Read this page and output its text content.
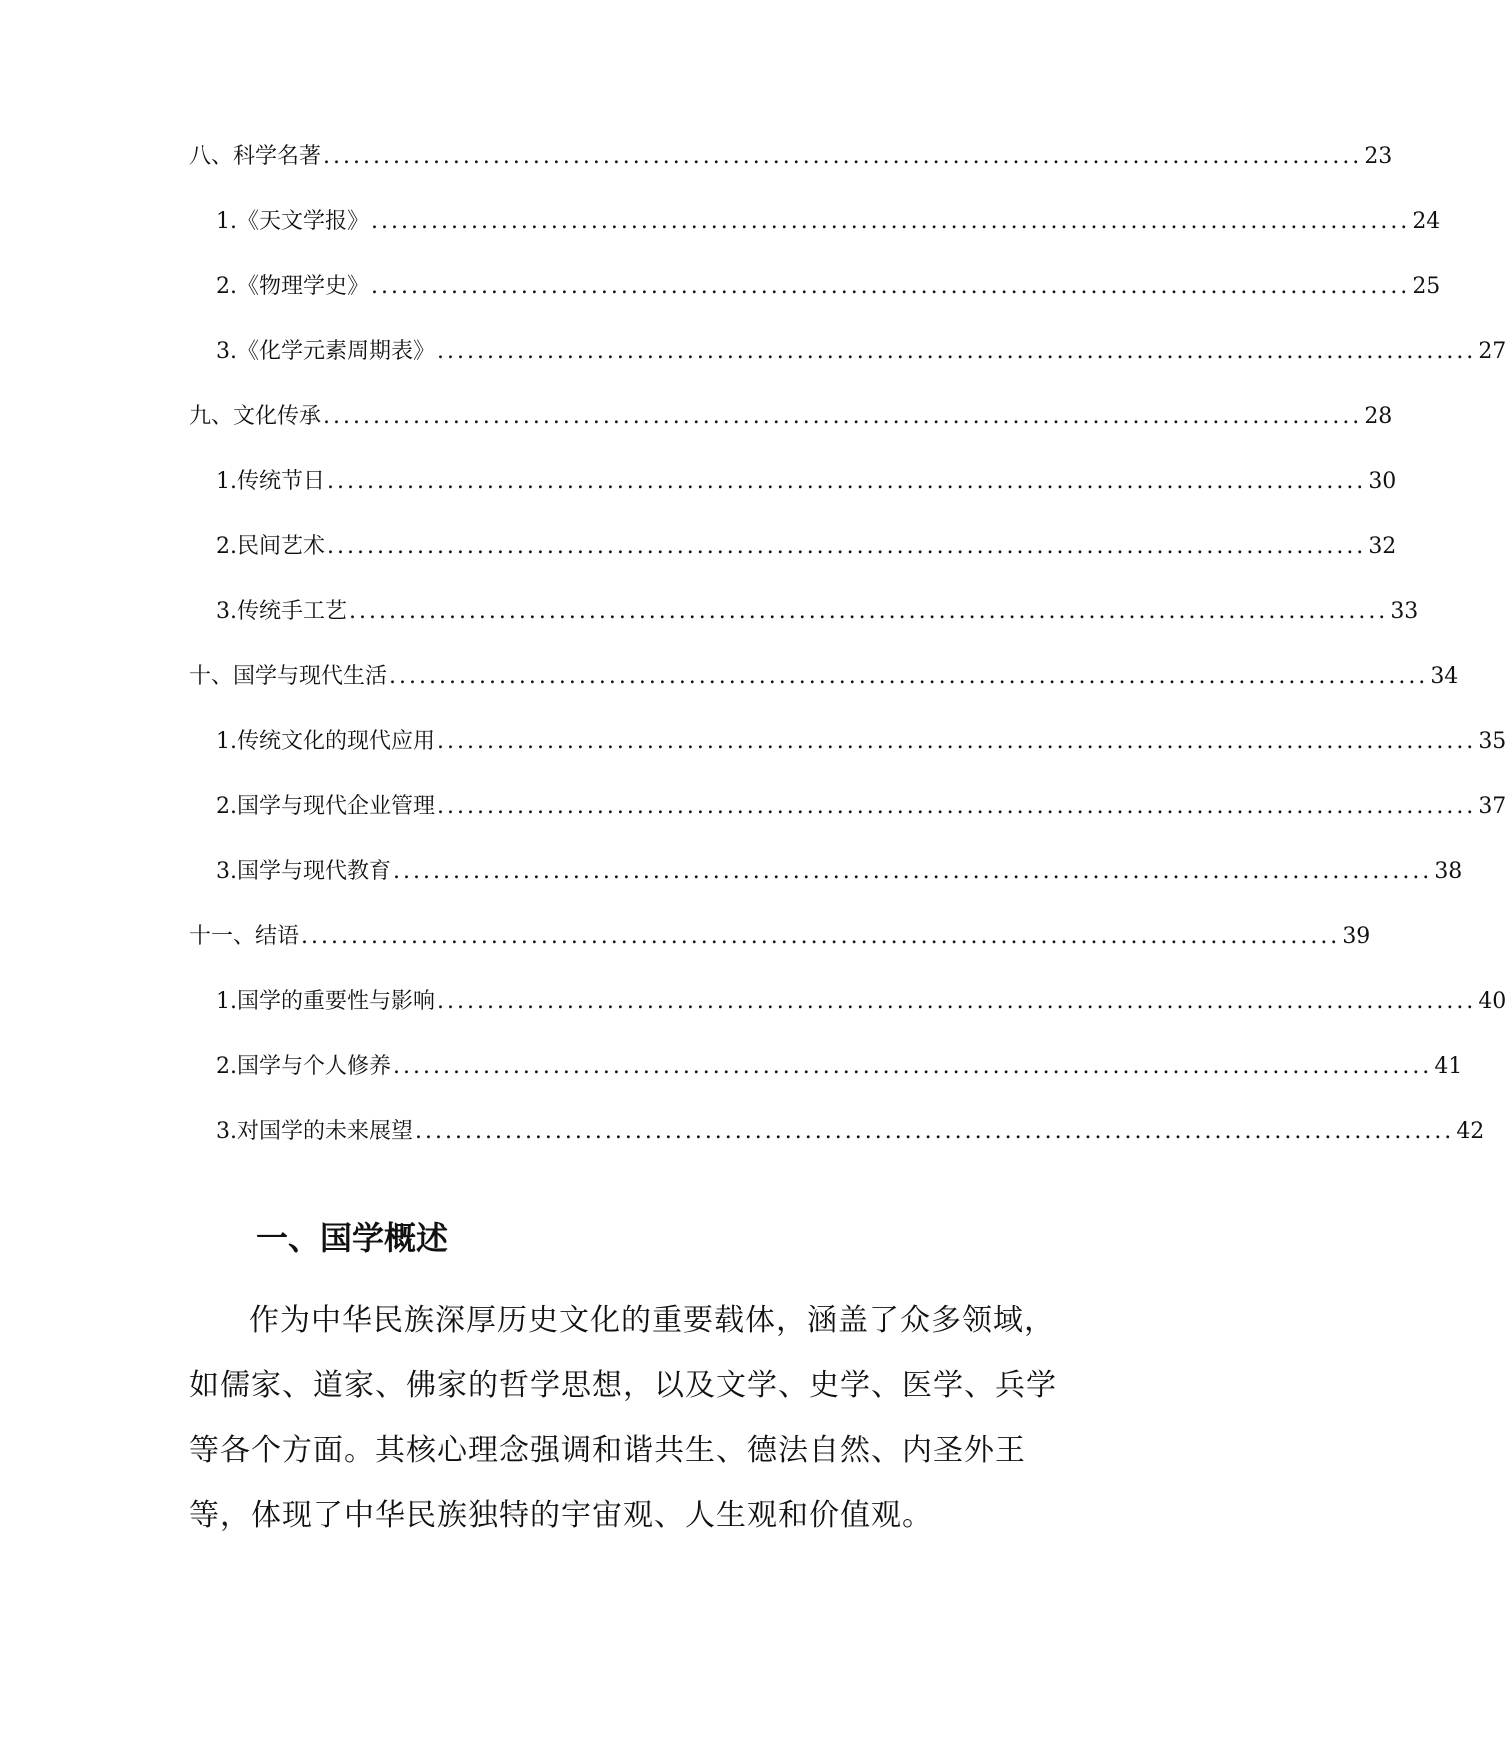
八、科学名著 ........................................................................................................ 23
1. 《天文学报》 ........................................................................................................ 24
2. 《物理学史》 ........................................................................................................ 25
3. 《化学元素周期表》 ........................................................................................................ 27
九、文化传承 ........................................................................................................ 28
1. 传统节日 ........................................................................................................ 30
2. 民间艺术 ........................................................................................................ 32
3. 传统手工艺 ........................................................................................................ 33
十、国学与现代生活 ........................................................................................................ 34
1. 传统文化的现代应用 ........................................................................................................ 35
2. 国学与现代企业管理 ........................................................................................................ 37
3. 国学与现代教育 ........................................................................................................ 38
十一、结语 ........................................................................................................ 39
1. 国学的重要性与影响 ........................................................................................................ 40
2. 国学与个人修养 ........................................................................................................ 41
3. 对国学的未来展望 ........................................................................................................ 42
一、国学概述

作为中华民族深厚历史文化的重要载体，涵盖了众多领域，如儒家、道家、佛家的哲学思想，以及文学、史学、医学、兵学等各个方面。其核心理念强调和谐共生、德法自然、内圣外王等，体现了中华民族独特的宇宙观、人生观和价值观。
